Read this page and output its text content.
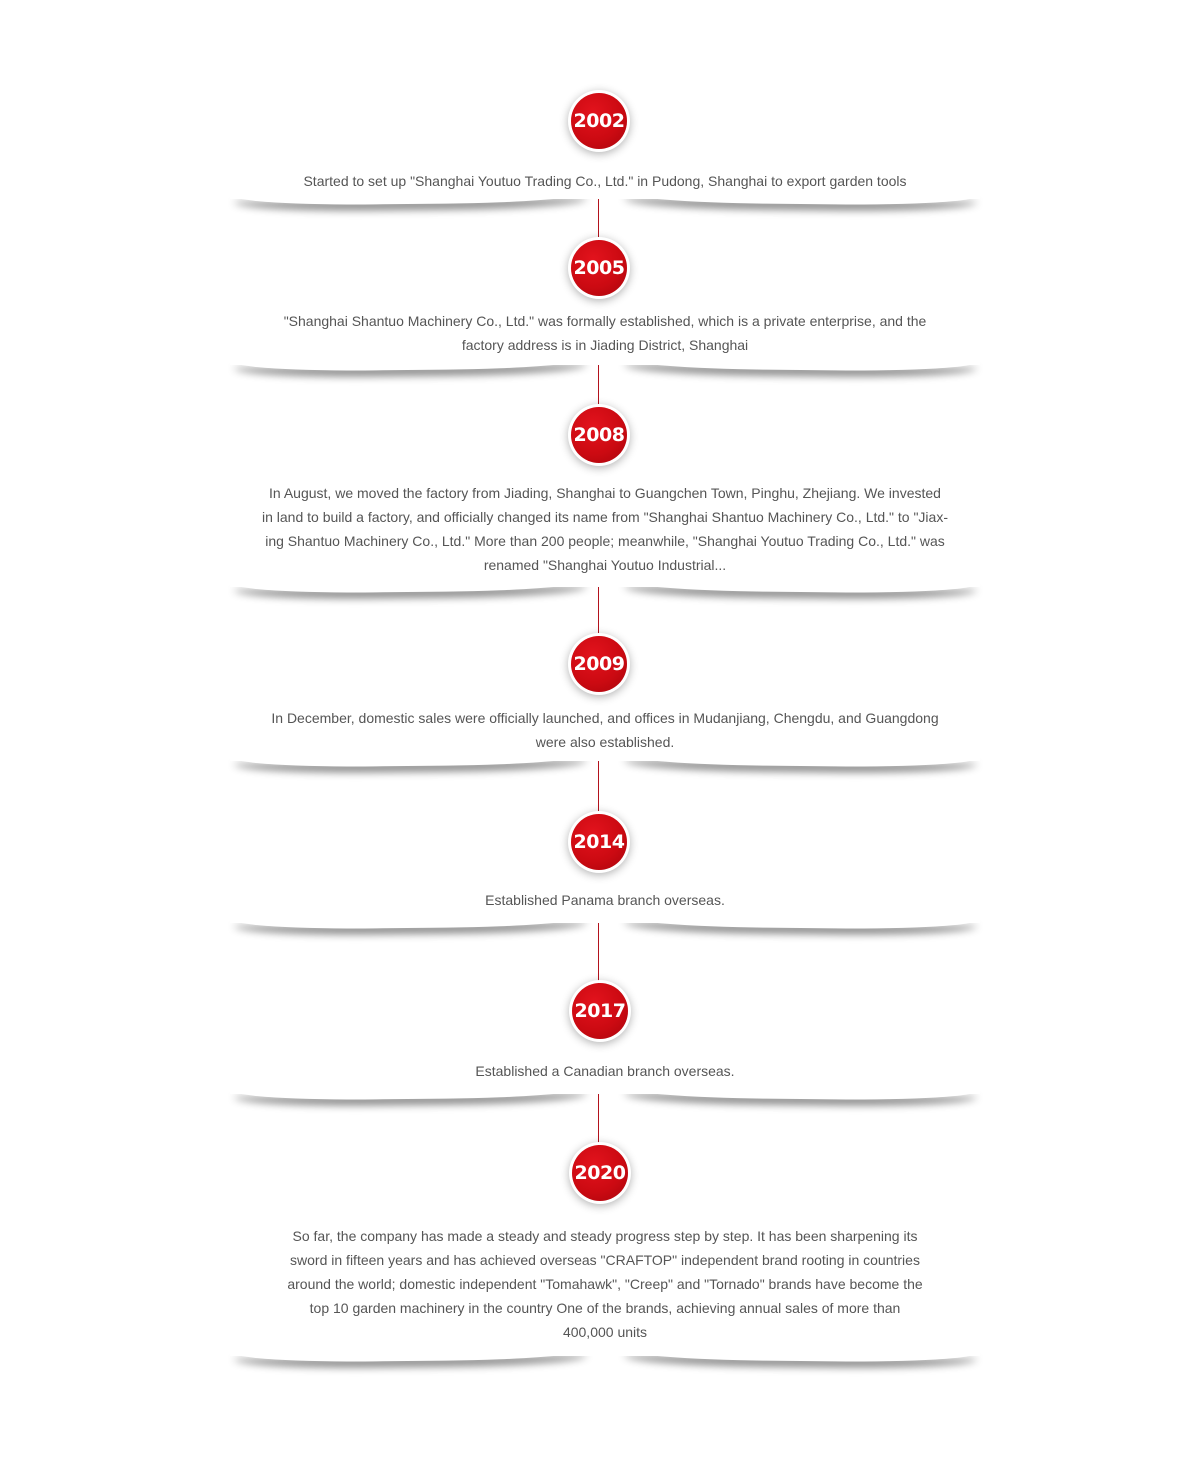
Started to set up "Shanghai Youtuo Trading Co., Ltd." in Pudong, Shanghai to export garden tools
2002
"Shanghai Shantuo Machinery Co., Ltd." was formally established, which is a private enterprise, and the
factory address is in Jiading District, Shanghai
2005
In August, we moved the factory from Jiading, Shanghai to Guangchen Town, Pinghu, Zhejiang. We invested
in land to build a factory, and officially changed its name from "Shanghai Shantuo Machinery Co., Ltd." to "Jiax-
ing Shantuo Machinery Co., Ltd." More than 200 people; meanwhile, "Shanghai Youtuo Trading Co., Ltd." was
renamed "Shanghai Youtuo Industrial...
2008
In December, domestic sales were officially launched, and offices in Mudanjiang, Chengdu, and Guangdong
were also established.
2009
Established Panama branch overseas.
2014
Established a Canadian branch overseas.
2017
So far, the company has made a steady and steady progress step by step. It has been sharpening its
sword in fifteen years and has achieved overseas "CRAFTOP" independent brand rooting in countries
around the world; domestic independent "Tomahawk", "Creep" and "Tornado" brands have become the
top 10 garden machinery in the country One of the brands, achieving annual sales of more than
400,000 units
2020
